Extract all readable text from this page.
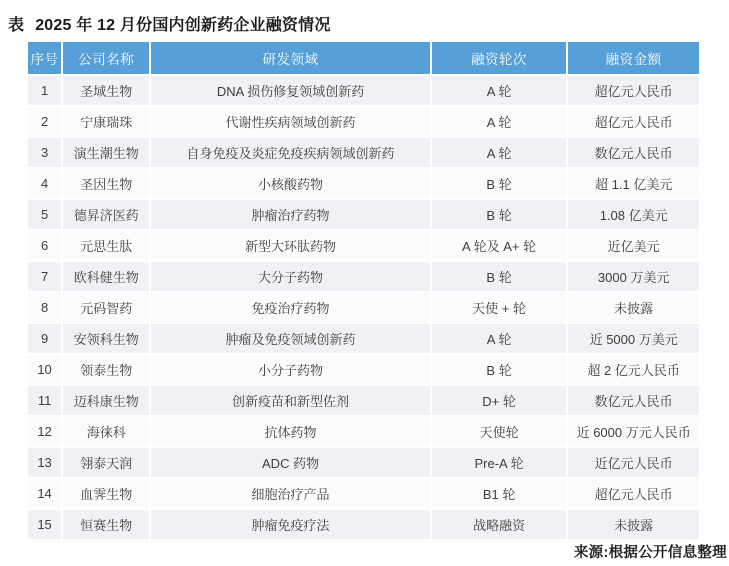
表 2025 年 12 月份国内创新药企业融资情况
序号	公司名称	研发领域	融资轮次	融资金额
1	圣域生物	DNA 损伤修复领域创新药	A 轮	超亿元人民币
2	宁康瑞珠	代谢性疾病领域创新药	A 轮	超亿元人民币
3	演生潮生物	自身免疫及炎症免疫疾病领域创新药	A 轮	数亿元人民币
4	圣因生物	小核酸药物	B 轮	超 1.1 亿美元
5	德昇济医药	肿瘤治疗药物	B 轮	1.08 亿美元
6	元思生肽	新型大环肽药物	A 轮及 A+ 轮	近亿美元
7	欧科健生物	大分子药物	B 轮	3000 万美元
8	元码智药	免疫治疗药物	天使 + 轮	未披露
9	安领科生物	肿瘤及免疫领域创新药	A 轮	近 5000 万美元
10	领泰生物	小分子药物	B 轮	超 2 亿元人民币
11	迈科康生物	创新疫苗和新型佐剂	D+ 轮	数亿元人民币
12	海徕科	抗体药物	天使轮	近 6000 万元人民币
13	翎泰天润	ADC 药物	Pre-A 轮	近亿元人民币
14	血霁生物	细胞治疗产品	B1 轮	超亿元人民币
15	恒赛生物	肿瘤免疫疗法	战略融资	未披露
来源:根据公开信息整理
